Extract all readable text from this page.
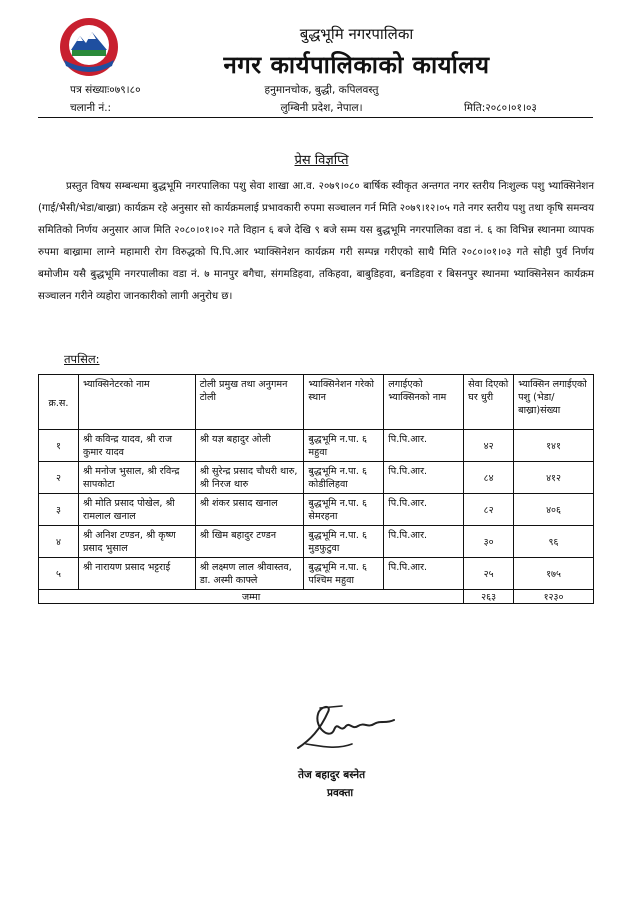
बुद्धभूमि नगरपालिका
नगर कार्यपालिकाको कार्यालय
पत्र संख्याः०७९।८०	हनुमानचोक, बुद्धी, कपिलवस्तु
चलानी नं.:	लुम्बिनी प्रदेश, नेपाल।	मिति:२०८०।०१।०३
प्रेस विज्ञप्ति
प्रस्तुत विषय सम्बन्धमा बुद्धभूमि नगरपालिका पशु सेवा शाखा आ.व. २०७९।०८० बार्षिक स्वीकृत अन्तगत नगर स्तरीय निःशुल्क पशु भ्याक्सिनेशन (गाई/भैसी/भेडा/बाख्रा) कार्यक्रम रहे अनुसार सो कार्यक्रमलाई प्रभावकारी रुपमा सञ्चालन गर्न मिति २०७९।१२।०५ गते नगर स्तरीय पशु तथा कृषि समन्वय समितिको निर्णय अनुसार आज मिति २०८०।०१।०२ गते विहान ६ बजे देखि ९ बजे सम्म यस बुद्धभूमि नगरपालिका वडा नं. ६ का विभिन्न स्थानमा व्यापक रुपमा बाख्रामा लाग्ने महामारी रोग विरुद्धको पि.पि.आर भ्याक्सिनेशन कार्यक्रम गरी सम्पन्न गरीएको साथै मिति २०८०।०१।०३ गते सोही पुर्व निर्णय बमोजीम यसै बुद्धभूमि नगरपालीका वडा नं. ७ मानपुर बगैचा, संगमडिहवा, तकिहवा, बाबुडिहवा, बनडिहवा र बिसनपुर स्थानमा भ्याक्सिनेसन कार्यक्रम सञ्चालन गरीने व्यहोरा जानकारीको लागी अनुरोध छ।
तपसिल:
क्र.स.	भ्याक्सिनेटरको नाम	टोली प्रमुख तथा अनुगमन टोली	भ्याक्सिनेशन गरेको स्थान	लगाईएको भ्याक्सिनको नाम	सेवा दिएको घर धुरी	भ्याक्सिन लगाईएको पशु (भेडा/बाख्रा)संख्या
१	श्री कविन्द्र यादव, श्री राज कुमार यादव	श्री यज्ञ बहादुर ओली	बुद्धभूमि न.पा. ६ महुवा	पि.पि.आर.	४२	१४१
२	श्री मनोज भुसाल, श्री रविन्द्र सापकोटा	श्री सुरेन्द्र प्रसाद चौधरी थारु, श्री निरज थारु	बुद्धभूमि न.पा. ६ कोडीलिहवा	पि.पि.आर.	८४	४१२
३	श्री मोति प्रसाद पोखेल, श्री रामलाल खनाल	श्री शंकर प्रसाद खनाल	बुद्धभूमि न.पा. ६ सेमरहना	पि.पि.आर.	८२	४०६
४	श्री अनिश टण्डन, श्री कृष्ण प्रसाद भुसाल	श्री खिम बहादुर टण्डन	बुद्धभूमि न.पा. ६ मुडफुटुवा	पि.पि.आर.	३०	९६
५	श्री नारायण प्रसाद भट्टराई	श्री लक्ष्मण लाल श्रीवास्तव, डा. अस्मी काफ्ले	बुद्धभूमि न.पा. ६ पश्चिम महुवा	पि.पि.आर.	२५	१७५
जम्मा					२६३	१२३०
तेज बहादुर बस्नेत
प्रवक्ता
